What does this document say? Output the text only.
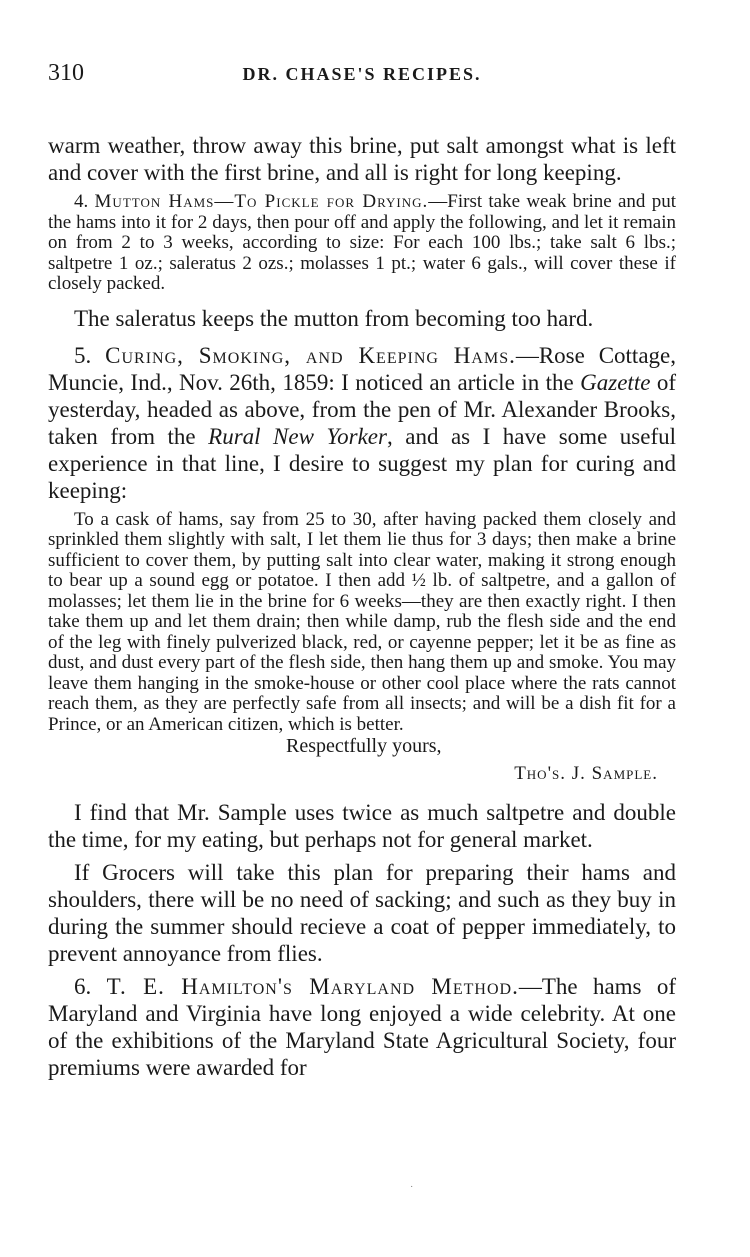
310	DR. CHASE'S RECIPES.

warm weather, throw away this brine, put salt amongst what is left and cover with the first brine, and all is right for long keeping.

4. Mutton Hams—To Pickle for Drying.—First take weak brine and put the hams into it for 2 days, then pour off and apply the following, and let it remain on from 2 to 3 weeks, according to size: For each 100 lbs.; take salt 6 lbs.; saltpetre 1 oz.; saleratus 2 ozs.; molasses 1 pt.; water 6 gals., will cover these if closely packed.

The saleratus keeps the mutton from becoming too hard.

5. Curing, Smoking, and Keeping Hams.—Rose Cottage, Muncie, Ind., Nov. 26th, 1859: I noticed an article in the Gazette of yesterday, headed as above, from the pen of Mr. Alexander Brooks, taken from the Rural New Yorker, and as I have some useful experience in that line, I desire to suggest my plan for curing and keeping:

To a cask of hams, say from 25 to 30, after having packed them closely and sprinkled them slightly with salt, I let them lie thus for 3 days; then make a brine sufficient to cover them, by putting salt into clear water, making it strong enough to bear up a sound egg or potatoe. I then add ½ lb. of saltpetre, and a gallon of molasses; let them lie in the brine for 6 weeks—they are then exactly right. I then take them up and let them drain; then while damp, rub the flesh side and the end of the leg with finely pulverized black, red, or cayenne pepper; let it be as fine as dust, and dust every part of the flesh side, then hang them up and smoke. You may leave them hanging in the smoke-house or other cool place where the rats cannot reach them, as they are perfectly safe from all insects; and will be a dish fit for a Prince, or an American citizen, which is better.

Respectfully yours,

Tho's. J. Sample.

I find that Mr. Sample uses twice as much saltpetre and double the time, for my eating, but perhaps not for general market.

If Grocers will take this plan for preparing their hams and shoulders, there will be no need of sacking; and such as they buy in during the summer should recieve a coat of pepper immediately, to prevent annoyance from flies.

6. T. E. Hamilton's Maryland Method.—The hams of Maryland and Virginia have long enjoyed a wide celebrity. At one of the exhibitions of the Maryland State Agricultural Society, four premiums were awarded for

˙
